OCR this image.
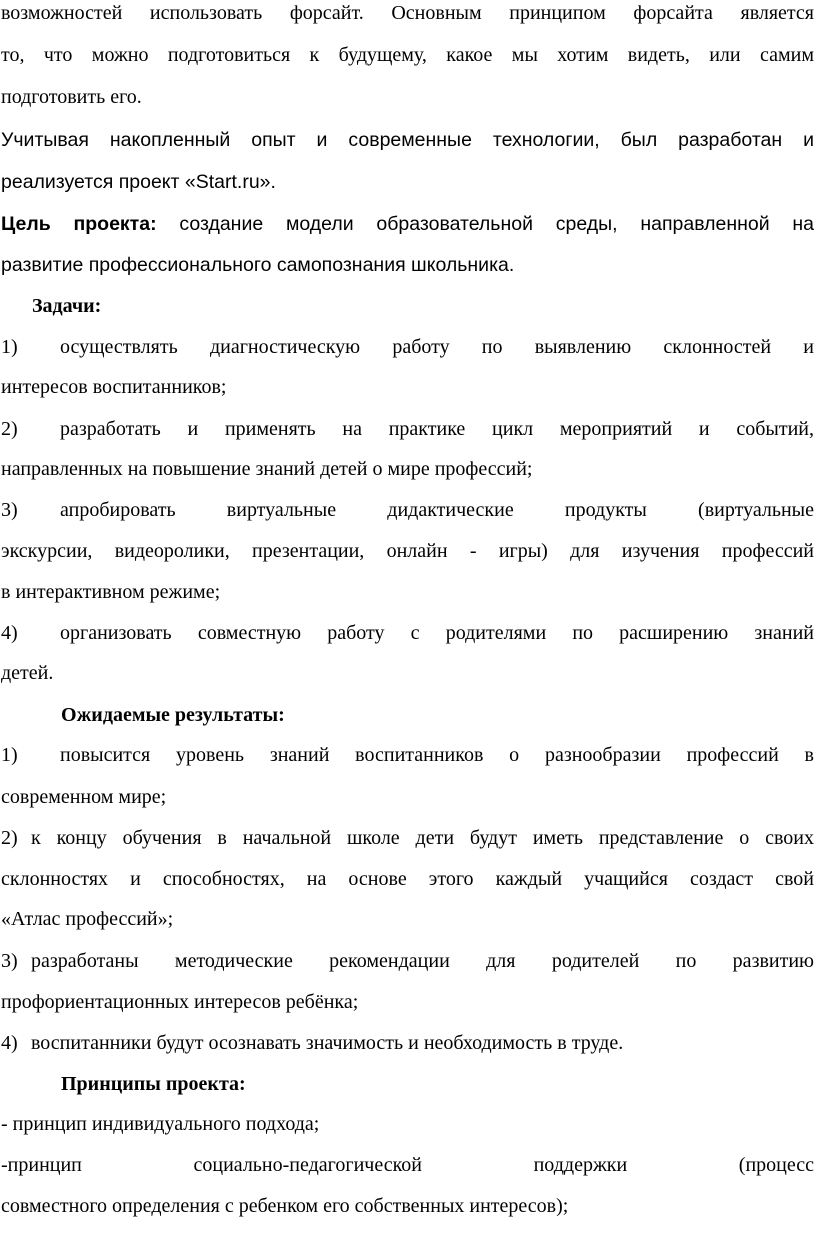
возможностей использовать форсайт. Основным принципом форсайта является
то, что можно подготовиться к будущему, какое мы хотим видеть, или самим
подготовить его.
Учитывая накопленный опыт и современные технологии, был разработан и
реализуется проект «Start.ru».
Цель проекта: создание модели образовательной среды, направленной на
развитие профессионального самопознания школьника.
Задачи:
1) осуществлять диагностическую работу по выявлению склонностей и
интересов воспитанников;
2) разработать и применять на практике цикл мероприятий и событий,
направленных на повышение знаний детей о мире профессий;
3) апробировать виртуальные дидактические продукты (виртуальные
экскурсии, видеоролики, презентации, онлайн - игры) для изучения профессий
в интерактивном режиме;
4) организовать совместную работу с родителями по расширению знаний
детей.
Ожидаемые результаты:
1) повысится уровень знаний воспитанников о разнообразии профессий в
современном мире;
2) к концу обучения в начальной школе дети будут иметь представление о своих
склонностях и способностях, на основе этого каждый учащийся создаст свой
«Атлас профессий»;
3) разработаны методические рекомендации для родителей по развитию
профориентационных интересов ребёнка;
4) воспитанники будут осознавать значимость и необходимость в труде.
Принципы проекта:
- принцип индивидуального подхода;
-принцип социально-педагогической поддержки (процесс
совместного определения с ребенком его собственных интересов);
